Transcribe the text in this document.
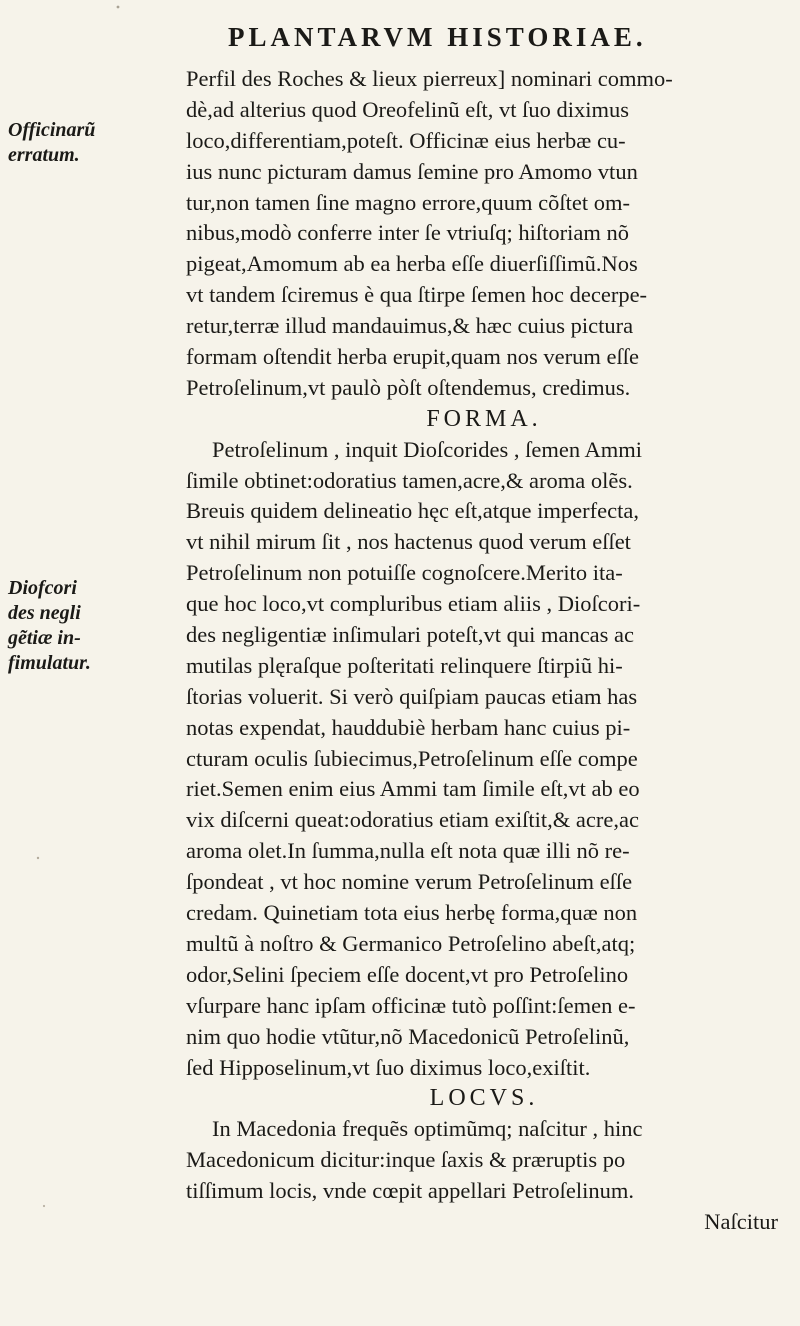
PLANTARVM HISTORIAE.
Officinarũ
erratum.
Diofcori
des negli
gẽtiæ in-
fimulatur.
Perfil des Roches & lieux pierreux] nominari commo-
dè,ad alterius quod Oreofelinũ eſt, vt ſuo diximus
loco,differentiam,poteſt. Officinæ eius herbæ cu-
ius nunc picturam damus ſemine pro Amomo vtun
tur,non tamen ſine magno errore,quum cõſtet om-
nibus,modò conferre inter ſe vtriuſq; hiſtoriam nõ
pigeat,Amomum ab ea herba eſſe diuerſiſſimũ.Nos
vt tandem ſciremus è qua ſtirpe ſemen hoc decerpe-
retur,terræ illud mandauimus,& hæc cuius pictura
formam oſtendit herba erupit,quam nos verum eſſe
Petroſelinum,vt paulò pòſt oſtendemus, credimus.
FORMA.
Petroſelinum , inquit Dioſcorides , ſemen Ammi
ſimile obtinet:odoratius tamen,acre,& aroma olẽs.
Breuis quidem delineatio hęc eſt,atque imperfecta,
vt nihil mirum ſit , nos hactenus quod verum eſſet
Petroſelinum non potuiſſe cognoſcere.Merito ita-
que hoc loco,vt compluribus etiam aliis , Dioſcori-
des negligentiæ inſimulari poteſt,vt qui mancas ac
mutilas plęraſque poſteritati relinquere ſtirpiũ hi-
ſtorias voluerit. Si verò quiſpiam paucas etiam has
notas expendat, hauddubiè herbam hanc cuius pi-
cturam oculis ſubiecimus,Petroſelinum eſſe compe
riet.Semen enim eius Ammi tam ſimile eſt,vt ab eo
vix diſcerni queat:odoratius etiam exiſtit,& acre,ac
aroma olet.In ſumma,nulla eſt nota quæ illi nõ re-
ſpondeat , vt hoc nomine verum Petroſelinum eſſe
credam. Quinetiam tota eius herbę forma,quæ non
multũ à noſtro & Germanico Petroſelino abeſt,atq;
odor,Selini ſpeciem eſſe docent,vt pro Petroſelino
vſurpare hanc ipſam officinæ tutò poſſint:ſemen e-
nim quo hodie vtũtur,nõ Macedonicũ Petroſelinũ,
ſed Hipposelinum,vt ſuo diximus loco,exiſtit.
LOCVS.
In Macedonia frequẽs optimũmq; naſcitur , hinc
Macedonicum dicitur:inque ſaxis & præruptis po
tiſſimum locis, vnde cœpit appellari Petroſelinum.
Naſcitur
